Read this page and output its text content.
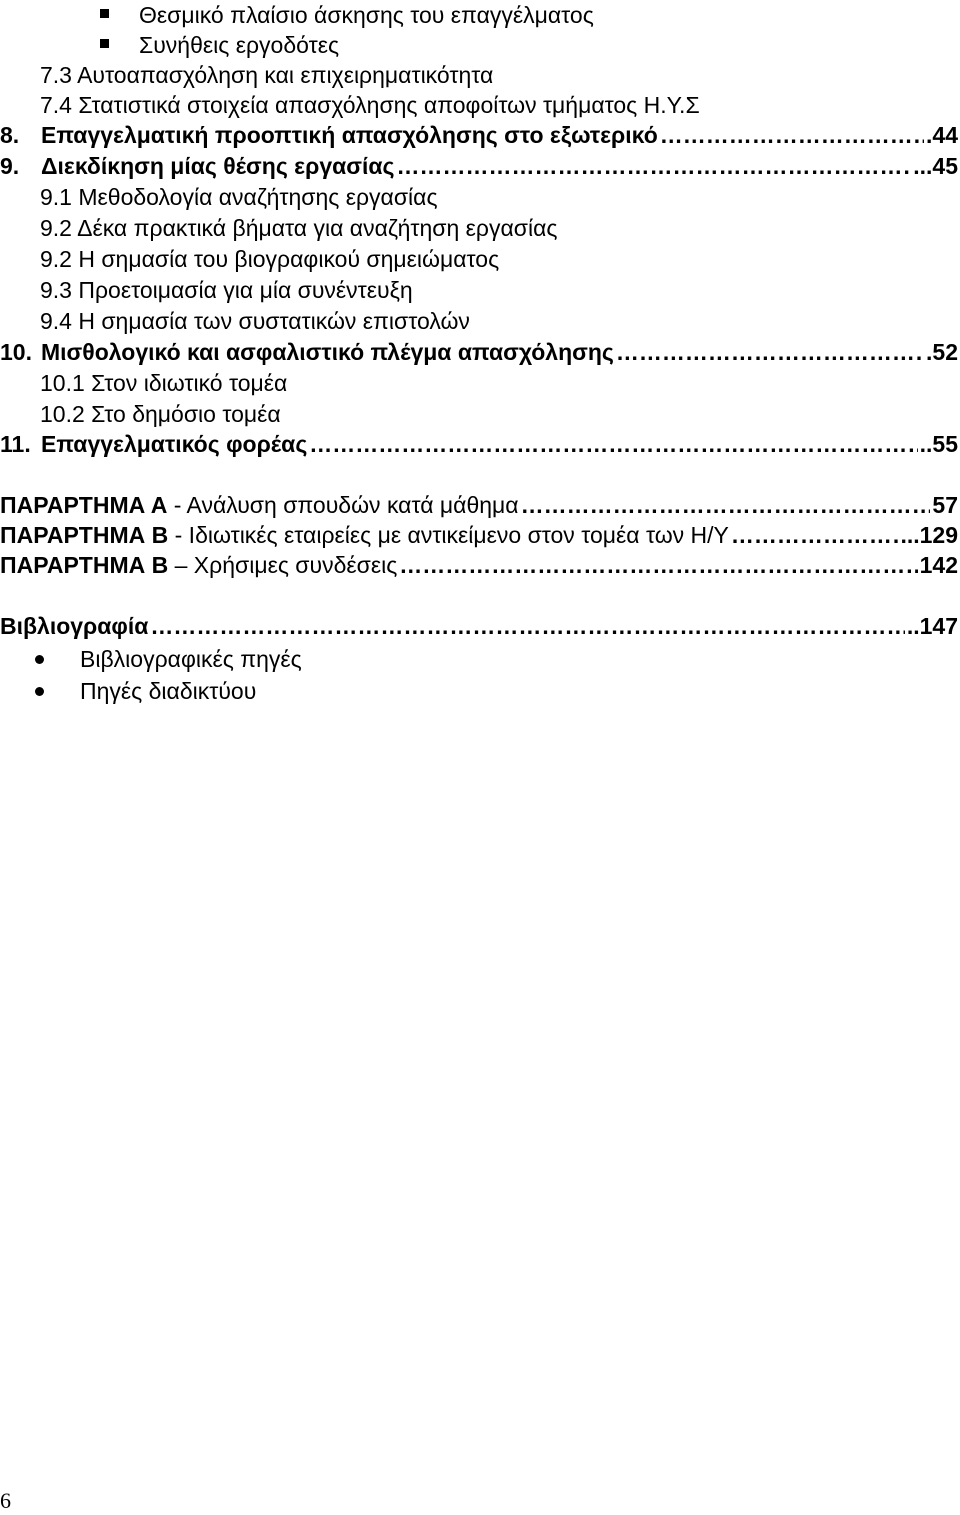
Θεσμικό πλαίσιο άσκησης του επαγγέλματος
Συνήθεις εργοδότες
7.3 Αυτοαπασχόληση και επιχειρηματικότητα
7.4 Στατιστικά στοιχεία απασχόλησης αποφοίτων τμήματος Η.Υ.Σ
8. Επαγγελματική προοπτική απασχόλησης στο εξωτερικό ……………………………………………………………………………………………………………………………………………………………………	.44
9. Διεκδίκηση μίας θέσης εργασίας ……………………………………………………………………………………………………………………………………………………………………	...45
9.1 Μεθοδολογία αναζήτησης εργασίας
9.2 Δέκα πρακτικά βήματα για αναζήτηση εργασίας
9.2 Η σημασία του βιογραφικού σημειώματος
9.3 Προετοιμασία για μία συνέντευξη
9.4 Η σημασία των συστατικών επιστολών
10. Μισθολογικό και ασφαλιστικό πλέγμα απασχόλησης ……………………………………………………………………………………………………………………………………………………………………	.52
10.1 Στον ιδιωτικό τομέα
10.2 Στο δημόσιο τομέα
11. Επαγγελματικός φορέας ……………………………………………………………………………………………………………………………………………………………………	..55
ΠΑΡΑΡΤΗΜΑ Α - Ανάλυση σπουδών κατά μάθημα ……………………………………………………………………………………………………………………………………………………………………	57
ΠΑΡΑΡΤΗΜΑ Β - Ιδιωτικές εταιρείες με αντικείμενο στον τομέα των Η/Υ ……………………………………………………………………………………………………………………………………………………………………	...129
ΠΑΡΑΡΤΗΜΑ Β – Χρήσιμες συνδέσεις ……………………………………………………………………………………………………………………………………………………………………	142
Βιβλιογραφία ……………………………………………………………………………………………………………………………………………………………………	..147
Βιβλιογραφικές πηγές
Πηγές διαδικτύου
6
